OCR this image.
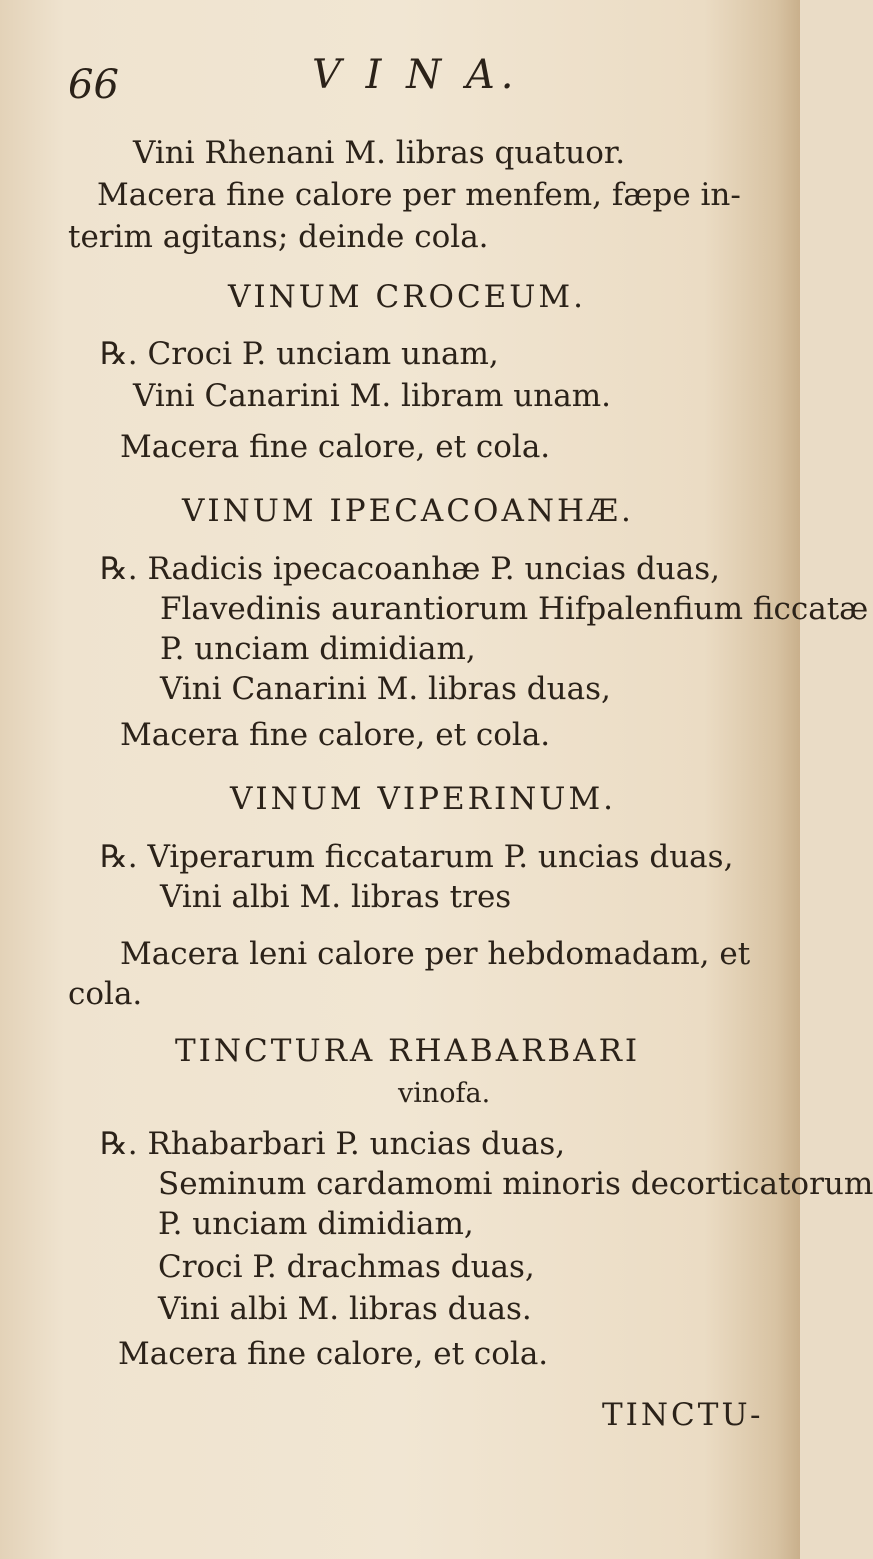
66	V I N A.
Vini Rhenani M. libras quatuor.
Macera fine calore per menfem, fæpe in-
terim agitans; deinde cola.
VINUM CROCEUM.
℞. Croci P. unciam unam,
Vini Canarini M. libram unam.
Macera fine calore, et cola.
VINUM IPECACOANHÆ.
℞. Radicis ipecacoanhæ P. uncias duas,
Flavedinis aurantiorum Hifpalenfium ficcatæ
P. unciam dimidiam,
Vini Canarini M. libras duas,
Macera fine calore, et cola.
VINUM VIPERINUM.
℞. Viperarum ficcatarum P. uncias duas,
Vini albi M. libras tres
Macera leni calore per hebdomadam, et
cola.
TINCTURA RHABARBARI
vinofa.
℞. Rhabarbari P. uncias duas,
Seminum cardamomi minoris decorticatorum
P. unciam dimidiam,
Croci P. drachmas duas,
Vini albi M. libras duas.
Macera fine calore, et cola.
TINCTU-
